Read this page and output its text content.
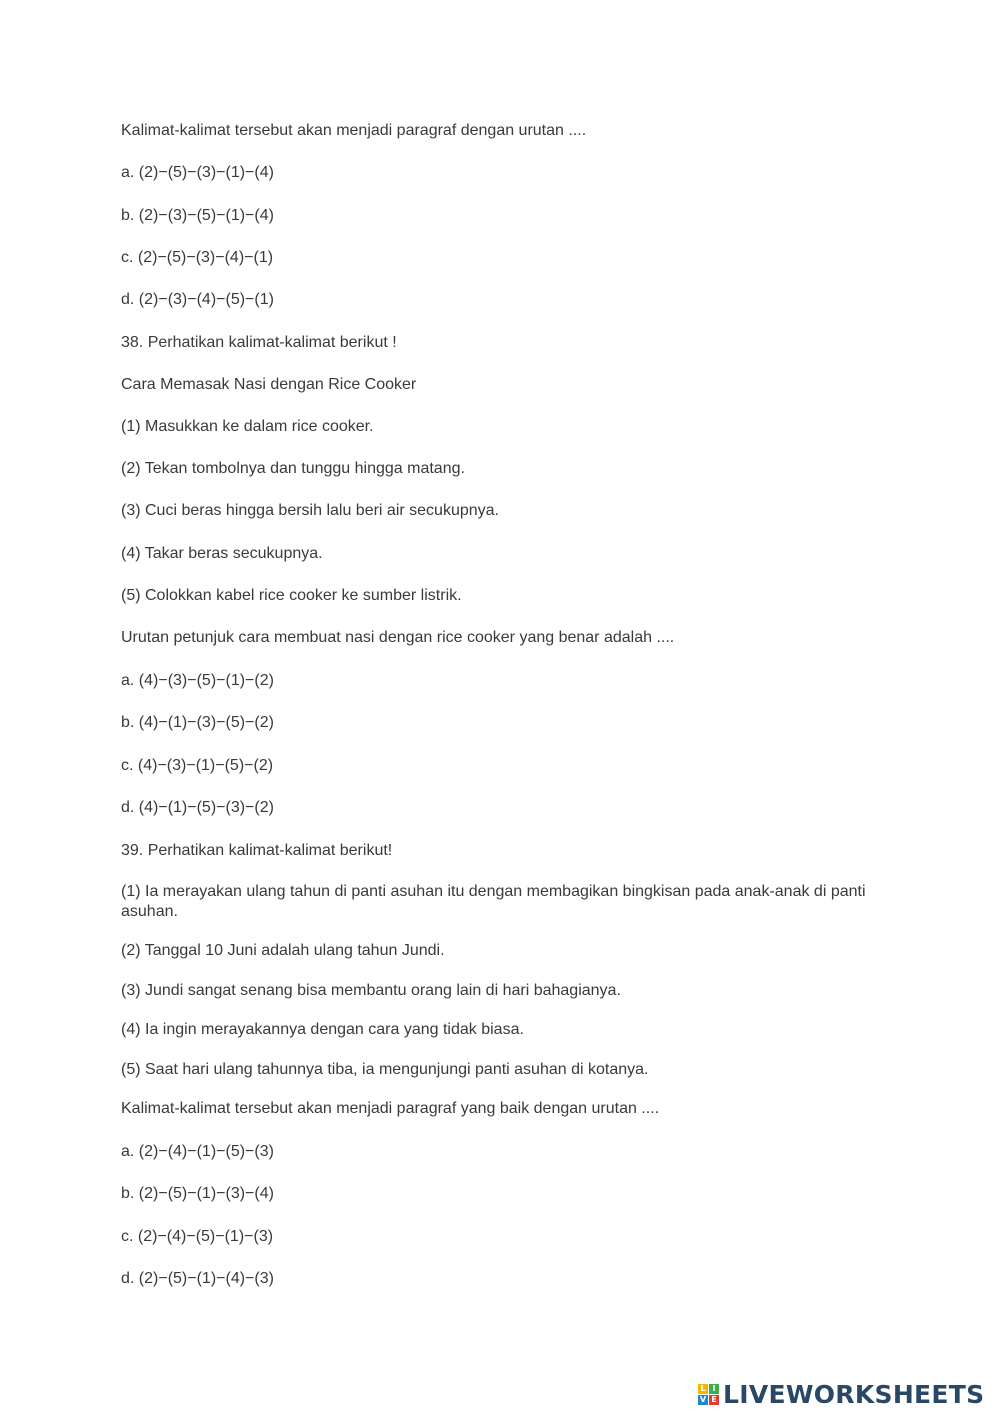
Kalimat-kalimat tersebut akan menjadi paragraf dengan urutan ....
a. (2)−(5)−(3)−(1)−(4)
b. (2)−(3)−(5)−(1)−(4)
c. (2)−(5)−(3)−(4)−(1)
d. (2)−(3)−(4)−(5)−(1)
38. Perhatikan kalimat-kalimat berikut !
Cara Memasak Nasi dengan Rice Cooker
(1) Masukkan ke dalam rice cooker.
(2) Tekan tombolnya dan tunggu hingga matang.
(3) Cuci beras hingga bersih lalu beri air secukupnya.
(4) Takar beras secukupnya.
(5) Colokkan kabel rice cooker ke sumber listrik.
Urutan petunjuk cara membuat nasi dengan rice cooker yang benar adalah ....
a. (4)−(3)−(5)−(1)−(2)
b. (4)−(1)−(3)−(5)−(2)
c. (4)−(3)−(1)−(5)−(2)
d. (4)−(1)−(5)−(3)−(2)
39. Perhatikan kalimat-kalimat berikut!
(1) Ia merayakan ulang tahun di panti asuhan itu dengan membagikan bingkisan pada anak-anak di panti asuhan.
(2) Tanggal 10 Juni adalah ulang tahun Jundi.
(3) Jundi sangat senang bisa membantu orang lain di hari bahagianya.
(4) Ia ingin merayakannya dengan cara yang tidak biasa.
(5) Saat hari ulang tahunnya tiba, ia mengunjungi panti asuhan di kotanya.
Kalimat-kalimat tersebut akan menjadi paragraf yang baik dengan urutan ....
a. (2)−(4)−(1)−(5)−(3)
b. (2)−(5)−(1)−(3)−(4)
c. (2)−(4)−(5)−(1)−(3)
d. (2)−(5)−(1)−(4)−(3)
L I
V E LIVEWORKSHEETS
